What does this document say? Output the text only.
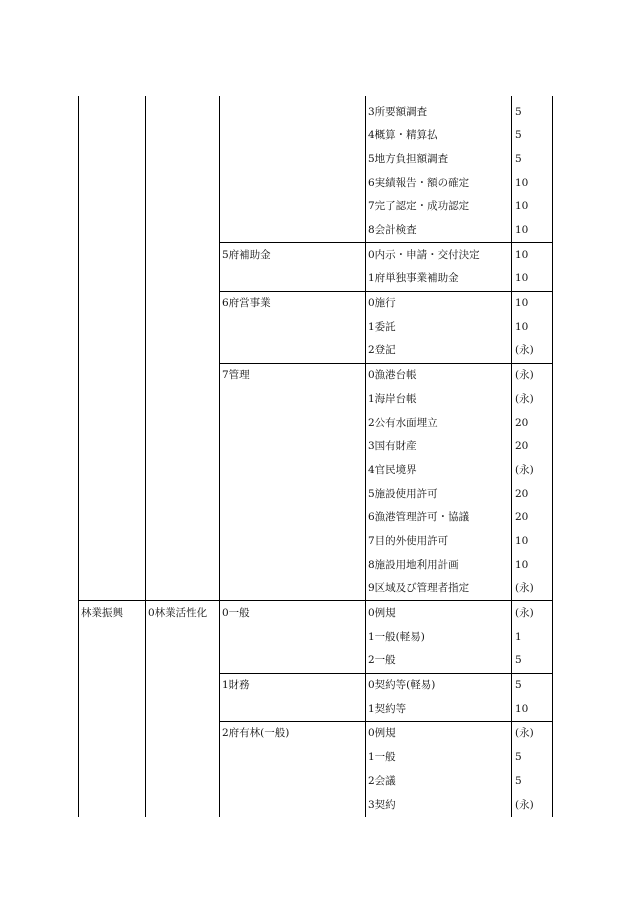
			3所要額調査	5
			4概算・精算払	5
			5地方負担額調査	5
			6実績報告・額の確定	10
			7完了認定・成功認定	10
			8会計検査	10
		5府補助金	0内示・申請・交付決定	10
			1府単独事業補助金	10
		6府営事業	0施行	10
			1委託	10
			2登記	(永)
		7管理	0漁港台帳	(永)
			1海岸台帳	(永)
			2公有水面埋立	20
			3国有財産	20
			4官民境界	(永)
			5施設使用許可	20
			6漁港管理許可・協議	20
			7目的外使用許可	10
			8施設用地利用計画	10
			9区域及び管理者指定	(永)
林業振興	0林業活性化	0一般	0例規	(永)
			1一般(軽易)	1
			2一般	5
		1財務	0契約等(軽易)	5
			1契約等	10
		2府有林(一般)	0例規	(永)
			1一般	5
			2会議	5
			3契約	(永)
